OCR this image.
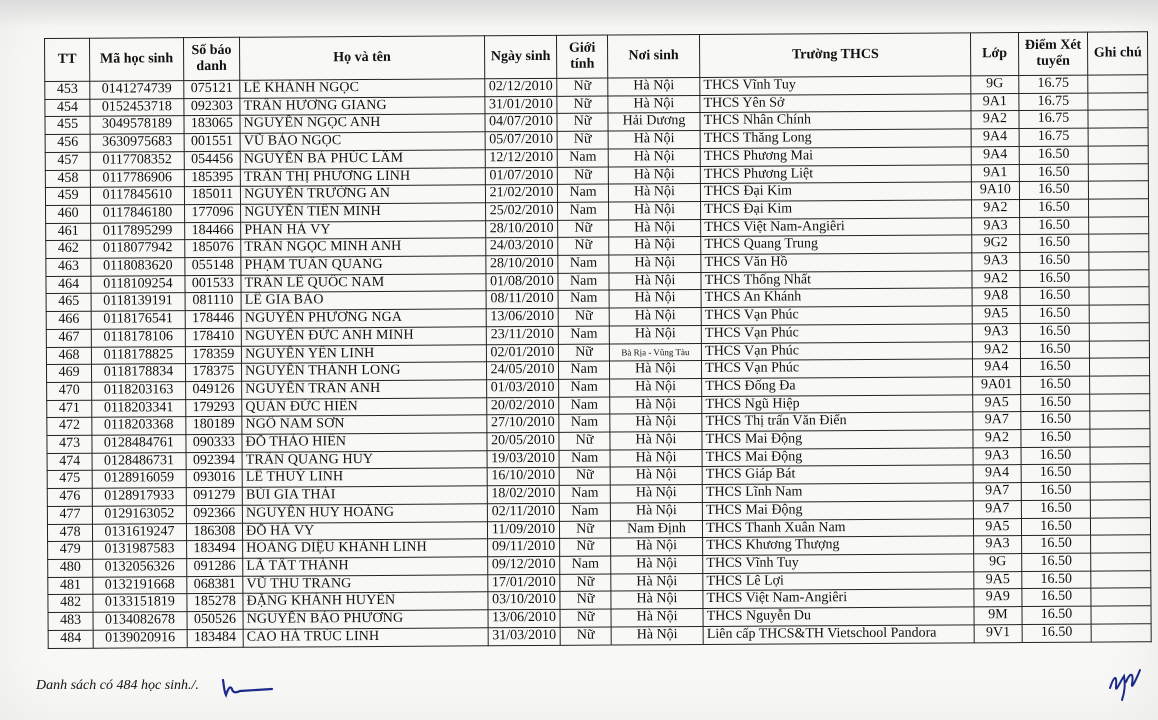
TT	Mã học sinh	Số báo danh	Họ và tên	Ngày sinh	Giới tính	Nơi sinh	Trường THCS	Lớp	Điểm Xét tuyển	Ghi chú
453	0141274739	075121	LÊ KHÁNH NGỌC	02/12/2010	Nữ	Hà Nội	THCS Vĩnh Tuy	9G	16.75	
454	0152453718	092303	TRẦN HƯƠNG GIANG	31/01/2010	Nữ	Hà Nội	THCS Yên Sở	9A1	16.75	
455	3049578189	183065	NGUYỄN NGỌC ANH	04/07/2010	Nữ	Hải Dương	THCS Nhân Chính	9A2	16.75	
456	3630975683	001551	VŨ BẢO NGỌC	05/07/2010	Nữ	Hà Nội	THCS Thăng Long	9A4	16.75	
457	0117708352	054456	NGUYỄN BÁ PHÚC LÂM	12/12/2010	Nam	Hà Nội	THCS Phương Mai	9A4	16.50	
458	0117786906	185395	TRẦN THỊ PHƯƠNG LINH	01/07/2010	Nữ	Hà Nội	THCS Phương Liệt	9A1	16.50	
459	0117845610	185011	NGUYỄN TRƯỜNG AN	21/02/2010	Nam	Hà Nội	THCS Đại Kim	9A10	16.50	
460	0117846180	177096	NGUYỄN TIẾN MINH	25/02/2010	Nam	Hà Nội	THCS Đại Kim	9A2	16.50	
461	0117895299	184466	PHAN HÀ VY	28/10/2010	Nữ	Hà Nội	THCS Việt Nam-Angiêri	9A3	16.50	
462	0118077942	185076	TRẦN NGỌC MINH ANH	24/03/2010	Nữ	Hà Nội	THCS Quang Trung	9G2	16.50	
463	0118083620	055148	PHẠM TUẤN QUANG	28/10/2010	Nam	Hà Nội	THCS Văn Hồ	9A3	16.50	
464	0118109254	001533	TRẦN LÊ QUỐC NAM	01/08/2010	Nam	Hà Nội	THCS Thống Nhất	9A2	16.50	
465	0118139191	081110	LÊ GIA BẢO	08/11/2010	Nam	Hà Nội	THCS An Khánh	9A8	16.50	
466	0118176541	178446	NGUYỄN PHƯƠNG NGA	13/06/2010	Nữ	Hà Nội	THCS Vạn Phúc	9A5	16.50	
467	0118178106	178410	NGUYỄN ĐỨC ANH MINH	23/11/2010	Nam	Hà Nội	THCS Vạn Phúc	9A3	16.50	
468	0118178825	178359	NGUYỄN YẾN LINH	02/01/2010	Nữ	Bà Rịa - Vũng Tàu	THCS Vạn Phúc	9A2	16.50	
469	0118178834	178375	NGUYỄN THÀNH LONG	24/05/2010	Nam	Hà Nội	THCS Vạn Phúc	9A4	16.50	
470	0118203163	049126	NGUYỄN TRẦN ANH	01/03/2010	Nam	Hà Nội	THCS Đống Đa	9A01	16.50	
471	0118203341	179293	QUẢN ĐỨC HIỀN	20/02/2010	Nam	Hà Nội	THCS Ngũ Hiệp	9A5	16.50	
472	0118203368	180189	NGÔ NAM SƠN	27/10/2010	Nam	Hà Nội	THCS Thị trấn Văn Điển	9A7	16.50	
473	0128484761	090333	ĐỖ THẢO HIỀN	20/05/2010	Nữ	Hà Nội	THCS Mai Động	9A2	16.50	
474	0128486731	092394	TRẦN QUANG HUY	19/03/2010	Nam	Hà Nội	THCS Mai Động	9A3	16.50	
475	0128916059	093016	LÊ THUỲ LINH	16/10/2010	Nữ	Hà Nội	THCS Giáp Bát	9A4	16.50	
476	0128917933	091279	BÙI GIA THÁI	18/02/2010	Nam	Hà Nội	THCS Lĩnh Nam	9A7	16.50	
477	0129163052	092366	NGUYỄN HUY HOÀNG	02/11/2010	Nam	Hà Nội	THCS Mai Động	9A7	16.50	
478	0131619247	186308	ĐỖ HÀ VY	11/09/2010	Nữ	Nam Định	THCS Thanh Xuân Nam	9A5	16.50	
479	0131987583	183494	HOÀNG DIỆU KHÁNH LINH	09/11/2010	Nữ	Hà Nội	THCS Khương Thượng	9A3	16.50	
480	0132056326	091286	LÃ TẤT THÀNH	09/12/2010	Nam	Hà Nội	THCS Vĩnh Tuy	9G	16.50	
481	0132191668	068381	VŨ THU TRANG	17/01/2010	Nữ	Hà Nội	THCS Lê Lợi	9A5	16.50	
482	0133151819	185278	ĐẶNG KHÁNH HUYỀN	03/10/2010	Nữ	Hà Nội	THCS Việt Nam-Angiêri	9A9	16.50	
483	0134082678	050526	NGUYỄN BẢO PHƯƠNG	13/06/2010	Nữ	Hà Nội	THCS Nguyễn Du	9M	16.50	
484	0139020916	183484	CAO HÀ TRÚC LINH	31/03/2010	Nữ	Hà Nội	Liên cấp THCS&TH Vietschool Pandora	9V1	16.50	
Danh sách có 484 học sinh./.
